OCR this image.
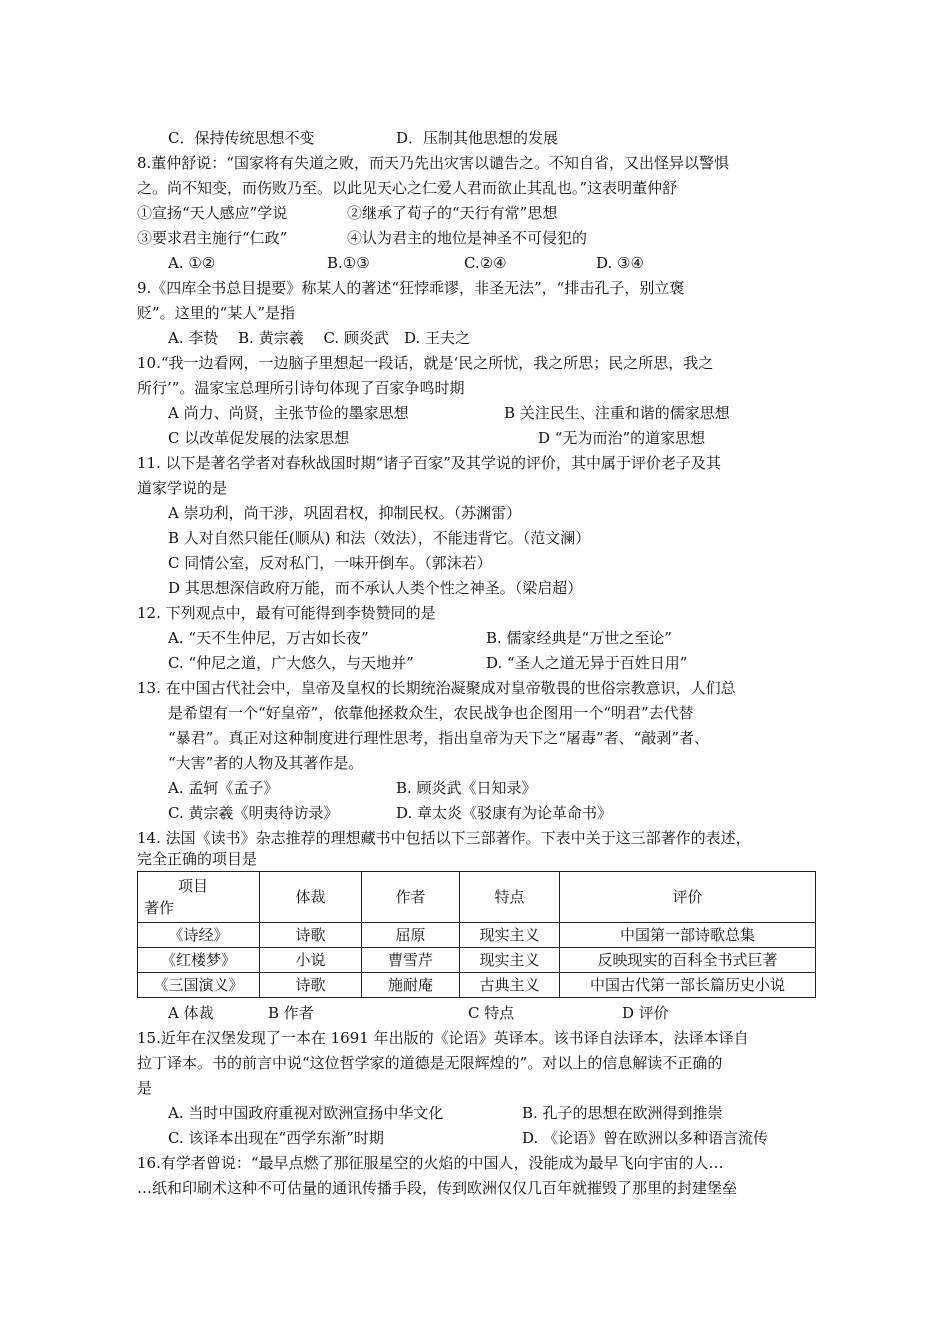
C．保持传统思想不变	D．压制其他思想的发展
8.董仲舒说：“国家将有失道之败，而天乃先出灾害以谴告之。不知自省，又出怪异以警惧
之。尚不知变，而伤败乃至。以此见天心之仁爱人君而欲止其乱也。”这表明董仲舒
①宣扬“天人感应”学说	②继承了荀子的“天行有常”思想
③要求君主施行“仁政”	④认为君主的地位是神圣不可侵犯的
A. ①②	B.①③	C.②④	D. ③④
9.《四库全书总目提要》称某人的著述“狂悖乖谬，非圣无法”，“排击孔子，别立褒
贬”。这里的“某人”是指
A. 李贽　 B. 黄宗羲　 C. 顾炎武　D. 王夫之
10.“我一边看网，一边脑子里想起一段话，就是‘民之所忧，我之所思；民之所思，我之
所行’”。温家宝总理所引诗句体现了百家争鸣时期
A 尚力、尚贤，主张节俭的墨家思想	B 关注民生、注重和谐的儒家思想
C 以改革促发展的法家思想	D “无为而治”的道家思想
11. 以下是著名学者对春秋战国时期“诸子百家”及其学说的评价，其中属于评价老子及其
道家学说的是
A 崇功利，尚干涉，巩固君权，抑制民权。（苏渊雷）
B 人对自然只能任(顺从) 和法（效法），不能违背它。（范文澜）
C 同情公室，反对私门，一味开倒车。（郭沫若）
D 其思想深信政府万能，而不承认人类个性之神圣。（梁启超）
12. 下列观点中，最有可能得到李贽赞同的是
A. “天不生仲尼，万古如长夜”	B. 儒家经典是“万世之至论”
C. “仲尼之道，广大悠久，与天地并”	D. “圣人之道无异于百姓日用”
13. 在中国古代社会中，皇帝及皇权的长期统治凝聚成对皇帝敬畏的世俗宗教意识，人们总
是希望有一个“好皇帝”，依靠他拯救众生，农民战争也企图用一个“明君”去代替
“暴君”。真正对这种制度进行理性思考，指出皇帝为天下之“屠毒”者、“敲剥”者、
“大害”者的人物及其著作是。
A. 孟轲《孟子》	B. 顾炎武《日知录》
C. 黄宗羲《明夷待访录》	D. 章太炎《驳康有为论革命书》
14. 法国《读书》杂志推荐的理想藏书中包括以下三部著作。下表中关于这三部著作的表述，
完全正确的项目是
项目
著作	体裁	作者	特点	评价
《诗经》	诗歌	屈原	现实主义	中国第一部诗歌总集
《红楼梦》	小说	曹雪芹	现实主义	反映现实的百科全书式巨著
《三国演义》	诗歌	施耐庵	古典主义	中国古代第一部长篇历史小说
A 体裁	B 作者	C 特点	D 评价
15.近年在汉堡发现了一本在 1691 年出版的《论语》英译本。该书译自法译本，法译本译自
拉丁译本。书的前言中说“这位哲学家的道德是无限辉煌的”。对以上的信息解读不正确的
是
A. 当时中国政府重视对欧洲宣扬中华文化	B. 孔子的思想在欧洲得到推崇
C. 该译本出现在“西学东渐”时期	D. 《论语》曾在欧洲以多种语言流传
16.有学者曾说：“最早点燃了那征服星空的火焰的中国人，没能成为最早飞向宇宙的人…
…纸和印刷术这种不可估量的通讯传播手段，传到欧洲仅仅几百年就摧毁了那里的封建堡垒
